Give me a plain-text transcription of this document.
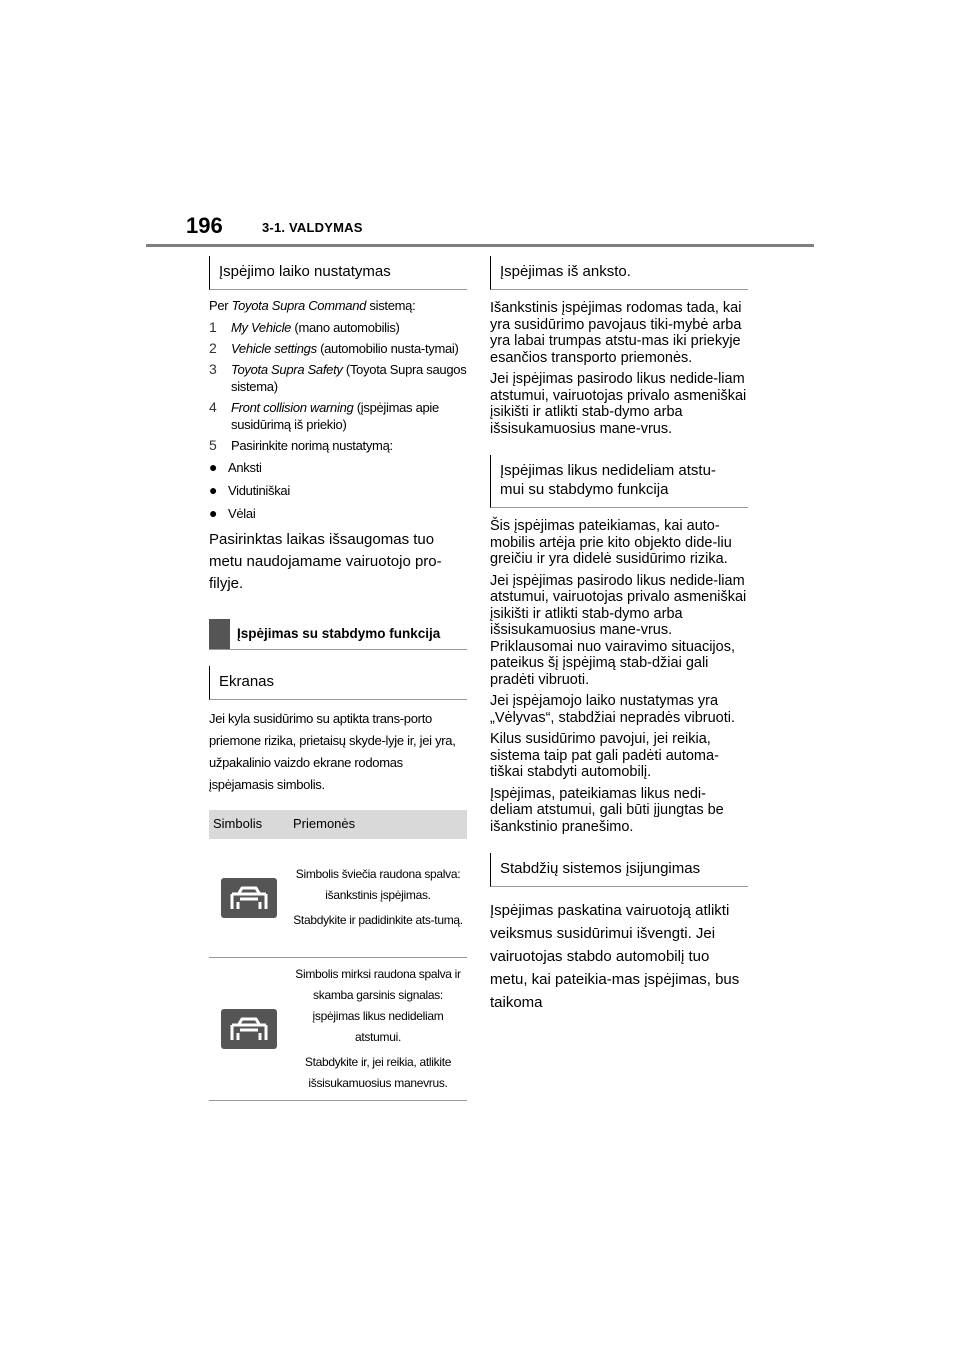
196	3-1. VALDYMAS
Įspėjimo laiko nustatymas

Per Toyota Supra Command sistemą:

1	My Vehicle (mano automobilis)
2	Vehicle settings (automobilio nusta-tymai)
3	Toyota Supra Safety (Toyota Supra saugos sistema)
4	Front collision warning (įspėjimas apie susidūrimą iš priekio)
5	Pasirinkite norimą nustatymą:
● Anksti
● Vidutiniškai
● Vėlai

Pasirinktas laikas išsaugomas tuo metu naudojamame vairuotojo pro-filyje.

Įspėjimas su stabdymo funkcija
Ekranas

Jei kyla susidūrimo su aptikta trans-porto priemone rizika, prietaisų skyde-lyje ir, jei yra, užpakalinio vaizdo ekrane rodomas įspėjamasis simbolis.

Simbolis	Priemonės

Simbolis šviečia raudona spalva: išankstinis įspėjimas.

Stabdykite ir padidinkite ats-tumą.

Simbolis mirksi raudona spalva ir skamba garsinis signalas: įspėjimas likus nedideliam atstumui.

Stabdykite ir, jei reikia, atlikite išsisukamuosius manevrus.

Įspėjimas iš anksto.

Išankstinis įspėjimas rodomas tada, kai yra susidūrimo pavojaus tiki-mybė arba yra labai trumpas atstu-mas iki priekyje esančios transporto priemonės.

Jei įspėjimas pasirodo likus nedide-liam atstumui, vairuotojas privalo asmeniškai įsikišti ir atlikti stab-dymo arba išsisukamuosius mane-vrus.

Įspėjimas likus nedideliam atstu-mui su stabdymo funkcija

Šis įspėjimas pateikiamas, kai auto-mobilis artėja prie kito objekto dide-liu greičiu ir yra didelė susidūrimo rizika.

Jei įspėjimas pasirodo likus nedide-liam atstumui, vairuotojas privalo asmeniškai įsikišti ir atlikti stab-dymo arba išsisukamuosius mane-vrus. Priklausomai nuo vairavimo situacijos, pateikus šį įspėjimą stab-džiai gali pradėti vibruoti.

Jei įspėjamojo laiko nustatymas yra „Vėlyvas“, stabdžiai nepradės vibruoti.

Kilus susidūrimo pavojui, jei reikia, sistema taip pat gali padėti automa-tiškai stabdyti automobilį.

Įspėjimas, pateikiamas likus nedi-deliam atstumui, gali būti įjungtas be išankstinio pranešimo.

Stabdžių sistemos įsijungimas

Įspėjimas paskatina vairuotoją atlikti veiksmus susidūrimui išvengti. Jei vairuotojas stabdo automobilį tuo metu, kai pateikia-mas įspėjimas, bus taikoma
